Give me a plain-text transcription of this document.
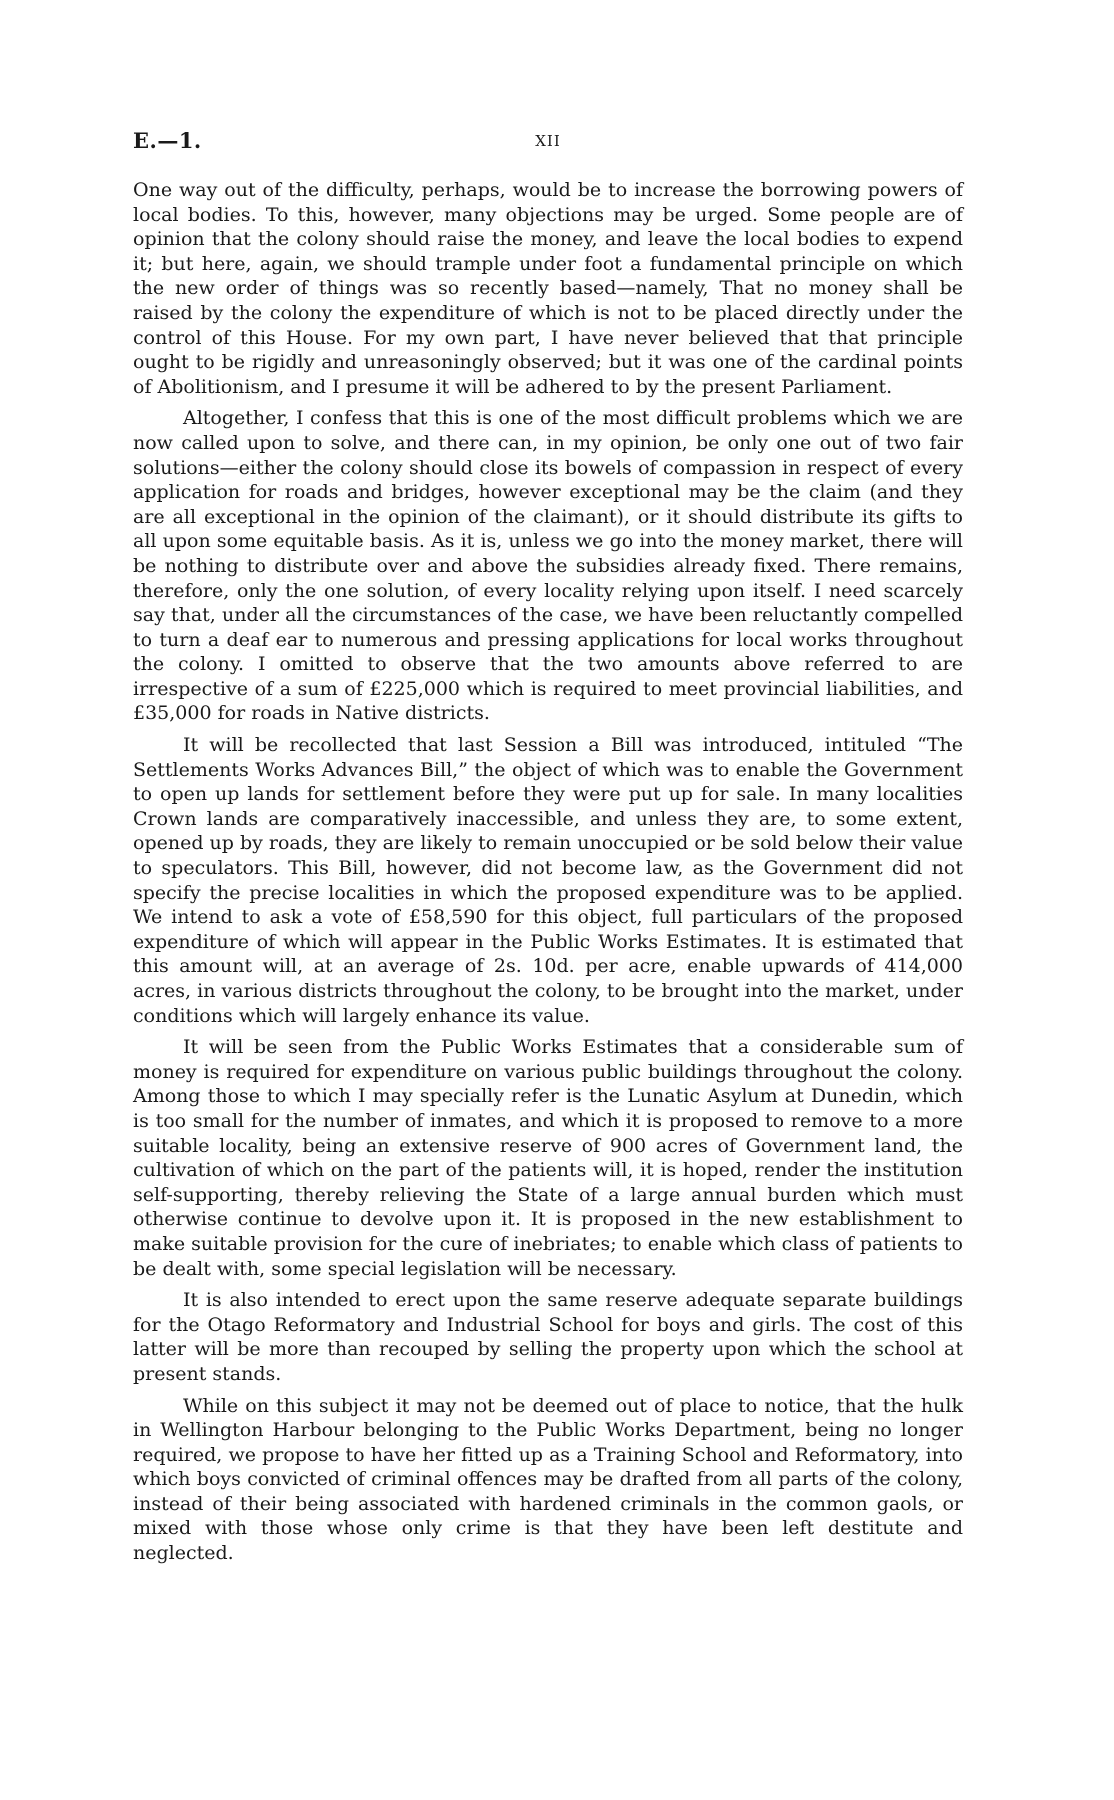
E.—1.	XII

One way out of the difficulty, perhaps, would be to increase the borrowing powers of local bodies. To this, however, many objections may be urged. Some people are of opinion that the colony should raise the money, and leave the local bodies to expend it; but here, again, we should trample under foot a fundamental principle on which the new order of things was so recently based—namely, That no money shall be raised by the colony the expenditure of which is not to be placed directly under the control of this House. For my own part, I have never believed that that principle ought to be rigidly and unreasoningly observed; but it was one of the cardinal points of Abolitionism, and I presume it will be adhered to by the present Parliament.

Altogether, I confess that this is one of the most difficult problems which we are now called upon to solve, and there can, in my opinion, be only one out of two fair solutions—either the colony should close its bowels of compassion in respect of every application for roads and bridges, however exceptional may be the claim (and they are all exceptional in the opinion of the claimant), or it should distribute its gifts to all upon some equitable basis. As it is, unless we go into the money market, there will be nothing to distribute over and above the subsidies already fixed. There remains, therefore, only the one solution, of every locality relying upon itself. I need scarcely say that, under all the circumstances of the case, we have been reluctantly compelled to turn a deaf ear to numerous and pressing applications for local works throughout the colony. I omitted to observe that the two amounts above referred to are irrespective of a sum of £225,000 which is required to meet provincial liabilities, and £35,000 for roads in Native districts.

It will be recollected that last Session a Bill was introduced, intituled “The Settlements Works Advances Bill,” the object of which was to enable the Government to open up lands for settlement before they were put up for sale. In many localities Crown lands are comparatively inaccessible, and unless they are, to some extent, opened up by roads, they are likely to remain unoccupied or be sold below their value to speculators. This Bill, however, did not become law, as the Government did not specify the precise localities in which the proposed expenditure was to be applied. We intend to ask a vote of £58,590 for this object, full particulars of the proposed expenditure of which will appear in the Public Works Estimates. It is estimated that this amount will, at an average of 2s. 10d. per acre, enable upwards of 414,000 acres, in various districts throughout the colony, to be brought into the market, under conditions which will largely enhance its value.

It will be seen from the Public Works Estimates that a considerable sum of money is required for expenditure on various public buildings throughout the colony. Among those to which I may specially refer is the Lunatic Asylum at Dunedin, which is too small for the number of inmates, and which it is proposed to remove to a more suitable locality, being an extensive reserve of 900 acres of Government land, the cultivation of which on the part of the patients will, it is hoped, render the institution self-supporting, thereby relieving the State of a large annual burden which must otherwise continue to devolve upon it. It is proposed in the new establishment to make suitable provision for the cure of inebriates; to enable which class of patients to be dealt with, some special legislation will be necessary.

It is also intended to erect upon the same reserve adequate separate buildings for the Otago Reformatory and Industrial School for boys and girls. The cost of this latter will be more than recouped by selling the property upon which the school at present stands.

While on this subject it may not be deemed out of place to notice, that the hulk in Wellington Harbour belonging to the Public Works Department, being no longer required, we propose to have her fitted up as a Training School and Reformatory, into which boys convicted of criminal offences may be drafted from all parts of the colony, instead of their being associated with hardened criminals in the common gaols, or mixed with those whose only crime is that they have been left destitute and neglected.
